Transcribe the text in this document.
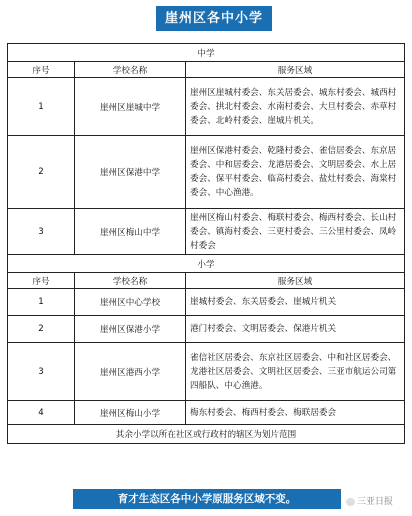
崖州区各中小学
中学		
序号	学校名称	服务区域
1	崖州区崖城中学	崖州区崖城村委会、东关居委会、城东村委会、城西村委会、拱北村委会、水南村委会、大旦村委会、赤草村委会、北岭村委会、崖城片机关。
2	崖州区保港中学	崖州区保港村委会、乾隆村委会、雀信居委会、东京居委会、中和居委会、龙港居委会、文明居委会、水上居委会、保平村委会、临高村委会、盐灶村委会、海棠村委会、中心渔港。
3	崖州区梅山中学	崖州区梅山村委会、梅联村委会、梅西村委会、长山村委会、镇海村委会、三更村委会、三公里村委会、凤岭村委会
小学		
序号	学校名称	服务区域
1	崖州区中心学校	崖城村委会、东关居委会、崖城片机关
2	崖州区保港小学	港门村委会、文明居委会、保港片机关
3	崖州区港西小学	雀信社区居委会、东京社区居委会、中和社区居委会、龙港社区居委会、文明社区居委会、三亚市航运公司第四船队、中心渔港。
4	崖州区梅山小学	梅东村委会、梅西村委会、梅联居委会
其余小学以所在社区或行政村的辖区为划片范围		
育才生态区各中小学原服务区域不变。	三亚日报
